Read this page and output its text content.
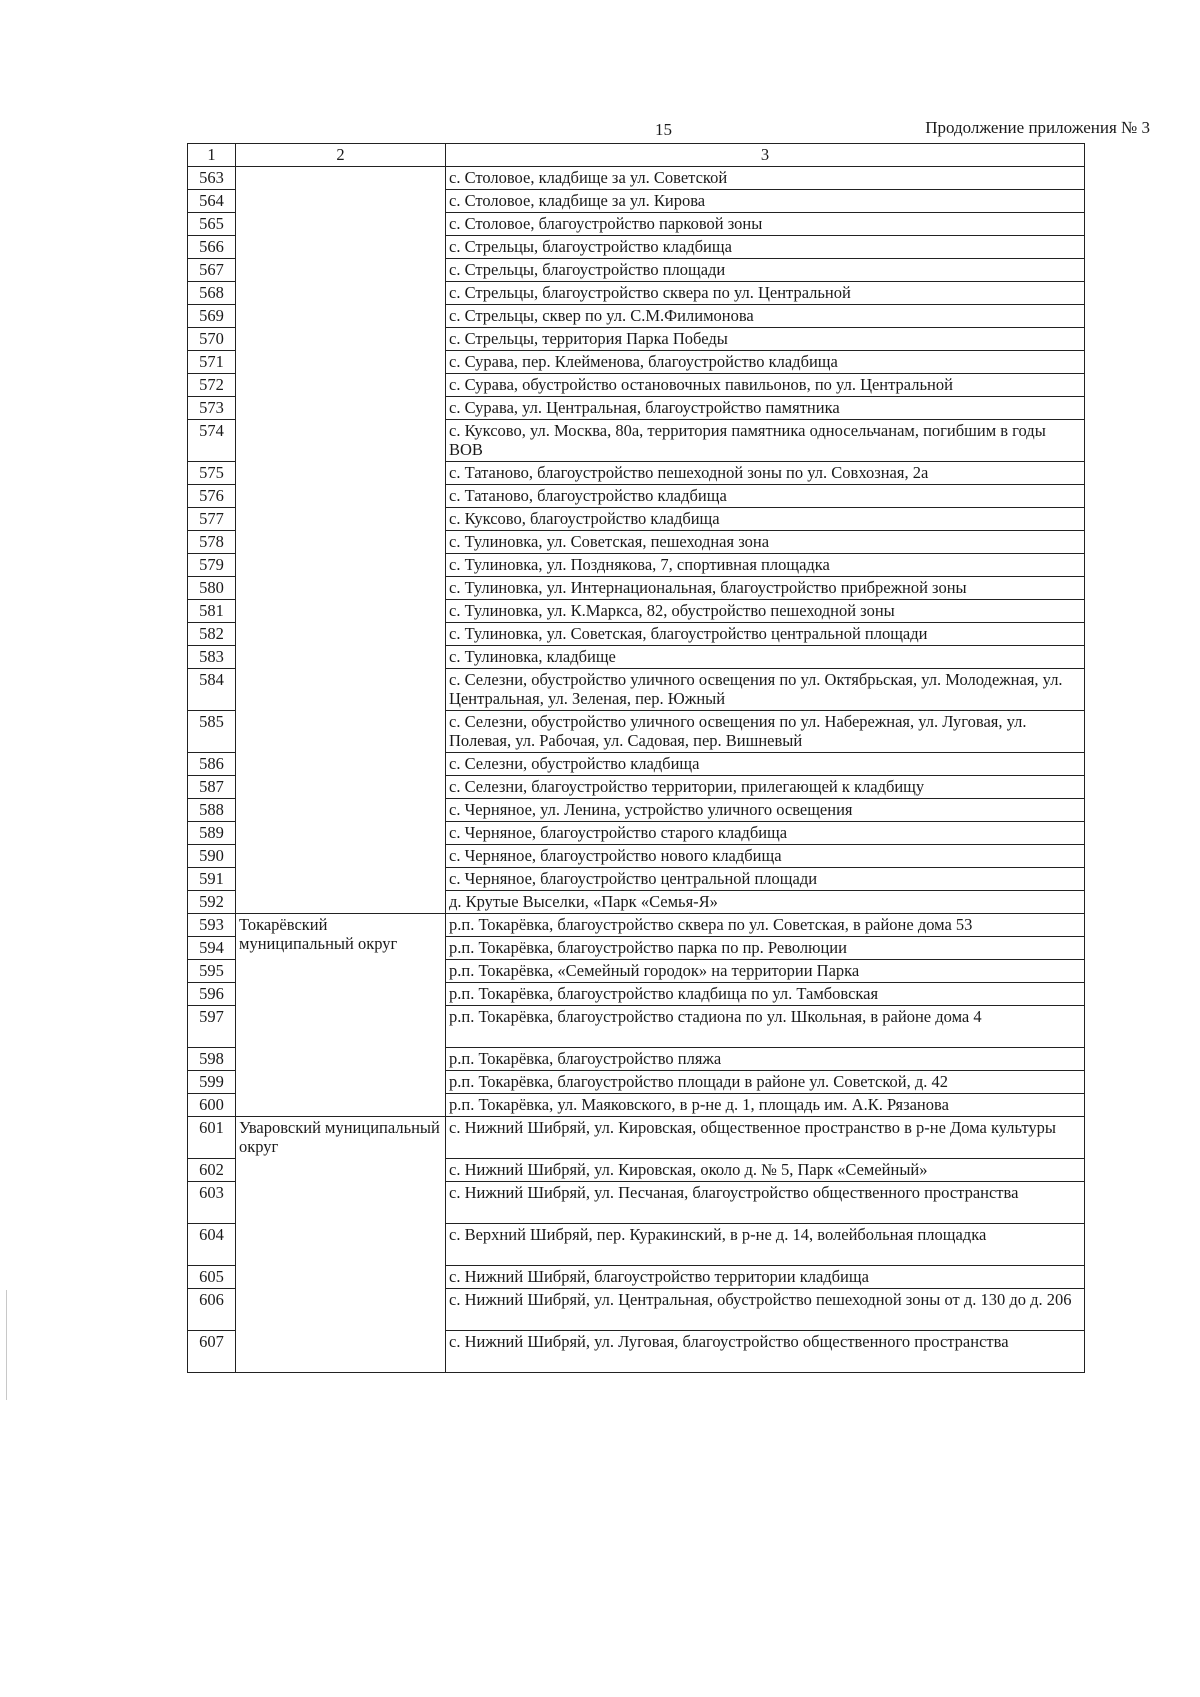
15	Продолжение приложения № 3
1	2	3
563		с. Столовое, кладбище за ул. Советской
564		с. Столовое, кладбище за ул. Кирова
565		с. Столовое, благоустройство парковой зоны
566		с. Стрельцы, благоустройство кладбища
567		с. Стрельцы, благоустройство площади
568		с. Стрельцы, благоустройство сквера по ул. Центральной
569		с. Стрельцы, сквер по ул. С.М.Филимонова
570		с. Стрельцы, территория Парка Победы
571		с. Сурава, пер. Клейменова, благоустройство кладбища
572		с. Сурава, обустройство остановочных павильонов, по ул. Центральной
573		с. Сурава, ул. Центральная, благоустройство памятника
574		с. Куксово, ул. Москва, 80а, территория памятника односельчанам, погибшим в годы ВОВ
575		с. Татаново, благоустройство пешеходной зоны по ул. Совхозная, 2а
576		с. Татаново, благоустройство кладбища
577		с. Куксово, благоустройство кладбища
578		с. Тулиновка, ул. Советская, пешеходная зона
579		с. Тулиновка, ул. Позднякова, 7, спортивная площадка
580		с. Тулиновка, ул. Интернациональная, благоустройство прибрежной зоны
581		с. Тулиновка, ул. К.Маркса, 82, обустройство пешеходной зоны
582		с. Тулиновка, ул. Советская, благоустройство центральной площади
583		с. Тулиновка, кладбище
584		с. Селезни, обустройство уличного освещения по ул. Октябрьская, ул. Молодежная, ул. Центральная, ул. Зеленая, пер. Южный
585		с. Селезни, обустройство уличного освещения по ул. Набережная, ул. Луговая, ул. Полевая, ул. Рабочая, ул. Садовая, пер. Вишневый
586		с. Селезни, обустройство кладбища
587		с. Селезни, благоустройство территории, прилегающей к кладбищу
588		с. Черняное, ул. Ленина, устройство уличного освещения
589		с. Черняное, благоустройство старого кладбища
590		с. Черняное, благоустройство нового кладбища
591		с. Черняное, благоустройство центральной площади
592		д. Крутые Выселки, «Парк «Семья-Я»
593	Токарёвский муниципальный округ	р.п. Токарёвка, благоустройство сквера по ул. Советская, в районе дома 53
594		р.п. Токарёвка, благоустройство парка по пр. Революции
595		р.п. Токарёвка, «Семейный городок» на территории Парка
596		р.п. Токарёвка, благоустройство кладбища по ул. Тамбовская
597		р.п. Токарёвка, благоустройство стадиона по ул. Школьная, в районе дома 4
598		р.п. Токарёвка, благоустройство пляжа
599		р.п. Токарёвка, благоустройство площади в районе ул. Советской, д. 42
600		р.п. Токарёвка, ул. Маяковского, в р-не д. 1, площадь им. А.К. Рязанова
601	Уваровский муниципальный округ	с. Нижний Шибряй, ул. Кировская, общественное пространство в р-не Дома культуры
602		с. Нижний Шибряй, ул. Кировская, около д. № 5, Парк «Семейный»
603		с. Нижний Шибряй, ул. Песчаная, благоустройство общественного пространства
604		с. Верхний Шибряй, пер. Куракинский, в р-не д. 14, волейбольная площадка
605		с. Нижний Шибряй, благоустройство территории кладбища
606		с. Нижний Шибряй, ул. Центральная, обустройство пешеходной зоны от д. 130 до д. 206
607		с. Нижний Шибряй, ул. Луговая, благоустройство общественного пространства
